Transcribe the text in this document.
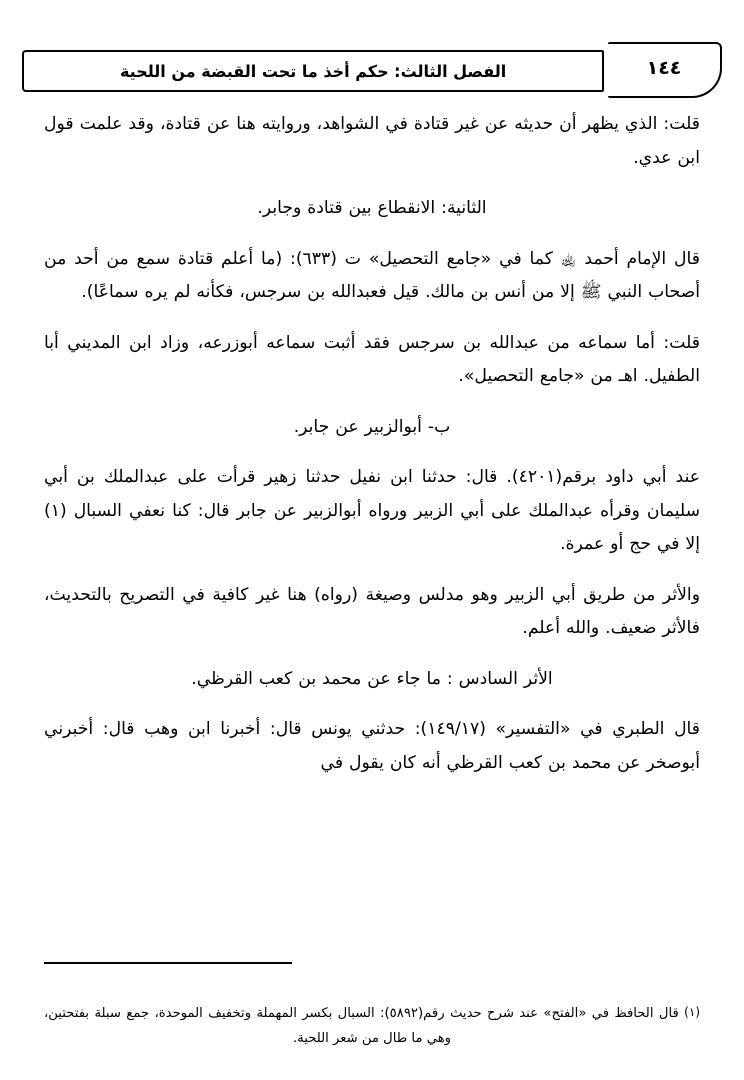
الفصل الثالث: حكم أخذ ما تحت القبضة من اللحية	١٤٤

قلت: الذي يظهر أن حديثه عن غير قتادة في الشواهد، وروايته هنا عن قتادة، وقد علمت قول ابن عدي.

الثانية: الانقطاع بين قتادة وجابر.

قال الإمام أحمد ﵀ كما في «جامع التحصيل» ت (٦٣٣): (ما أعلم قتادة سمع من أحد من أصحاب النبي ﷺ إلا من أنس بن مالك. قيل فعبدالله بن سرجس، فكأنه لم يره سماعًا).

قلت: أما سماعه من عبدالله بن سرجس فقد أثبت سماعه أبوزرعه، وزاد ابن المديني أبا الطفيل. اهـ من «جامع التحصيل».

ب- أبوالزبير عن جابر.

عند أبي داود برقم(٤٢٠١). قال: حدثنا ابن نفيل حدثنا زهير قرأت على عبدالملك بن أبي سليمان وقرأه عبدالملك على أبي الزبير ورواه أبوالزبير عن جابر قال: كنا نعفي السبال (١) إلا في حج أو عمرة.

والأثر من طريق أبي الزبير وهو مدلس وصيغة (رواه) هنا غير كافية في التصريح بالتحديث، فالأثر ضعيف. والله أعلم.

الأثر السادس : ما جاء عن محمد بن كعب القرظي.

قال الطبري في «التفسير» (١٤٩/١٧): حدثني يونس قال: أخبرنا ابن وهب قال: أخبرني أبوصخر عن محمد بن كعب القرظي أنه كان يقول في

(١) قال الحافظ في «الفتح» عند شرح حديث رقم(٥٨٩٢): السبال بكسر المهملة وتخفيف الموحدة، جمع سبلة بفتحتين، وهي ما طال من شعر اللحية.
